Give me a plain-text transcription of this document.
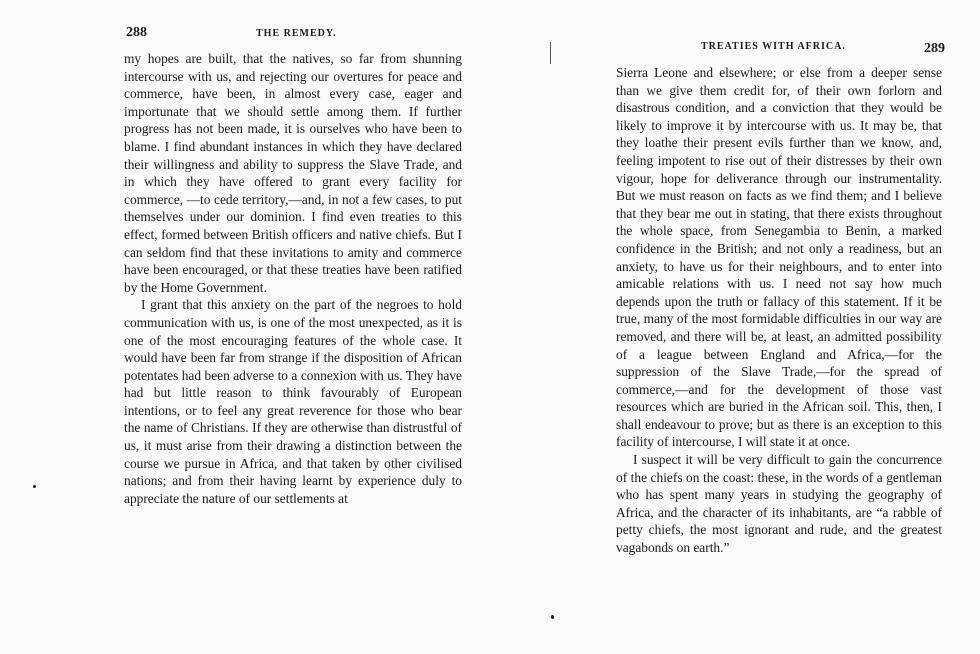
288	THE REMEDY.

my hopes are built, that the natives, so far from shunning intercourse with us, and rejecting our overtures for peace and commerce, have been, in almost every case, eager and importunate that we should settle among them. If further progress has not been made, it is ourselves who have been to blame. I find abundant instances in which they have declared their willingness and ability to suppress the Slave Trade, and in which they have offered to grant every facility for commerce, —to cede territory,—and, in not a few cases, to put themselves under our dominion. I find even treaties to this effect, formed between British officers and native chiefs. But I can seldom find that these invitations to amity and commerce have been encouraged, or that these treaties have been ratified by the Home Government.

I grant that this anxiety on the part of the negroes to hold communication with us, is one of the most unexpected, as it is one of the most encouraging features of the whole case. It would have been far from strange if the disposition of African potentates had been adverse to a connexion with us. They have had but little reason to think favourably of European intentions, or to feel any great reverence for those who bear the name of Christians. If they are otherwise than distrustful of us, it must arise from their drawing a distinction between the course we pursue in Africa, and that taken by other civilised nations; and from their having learnt by experience duly to appreciate the nature of our settlements at

TREATIES WITH AFRICA.	289

Sierra Leone and elsewhere; or else from a deeper sense than we give them credit for, of their own forlorn and disastrous condition, and a conviction that they would be likely to improve it by intercourse with us. It may be, that they loathe their present evils further than we know, and, feeling impotent to rise out of their distresses by their own vigour, hope for deliverance through our instrumentality. But we must reason on facts as we find them; and I believe that they bear me out in stating, that there exists throughout the whole space, from Senegambia to Benin, a marked confidence in the British; and not only a readiness, but an anxiety, to have us for their neighbours, and to enter into amicable relations with us. I need not say how much depends upon the truth or fallacy of this statement. If it be true, many of the most formidable difficulties in our way are removed, and there will be, at least, an admitted possibility of a league between England and Africa,—for the suppression of the Slave Trade,—for the spread of commerce,—and for the development of those vast resources which are buried in the African soil. This, then, I shall endeavour to prove; but as there is an exception to this facility of intercourse, I will state it at once.

I suspect it will be very difficult to gain the concurrence of the chiefs on the coast: these, in the words of a gentleman who has spent many years in studying the geography of Africa, and the character of its inhabitants, are “a rabble of petty chiefs, the most ignorant and rude, and the greatest vagabonds on earth.”
